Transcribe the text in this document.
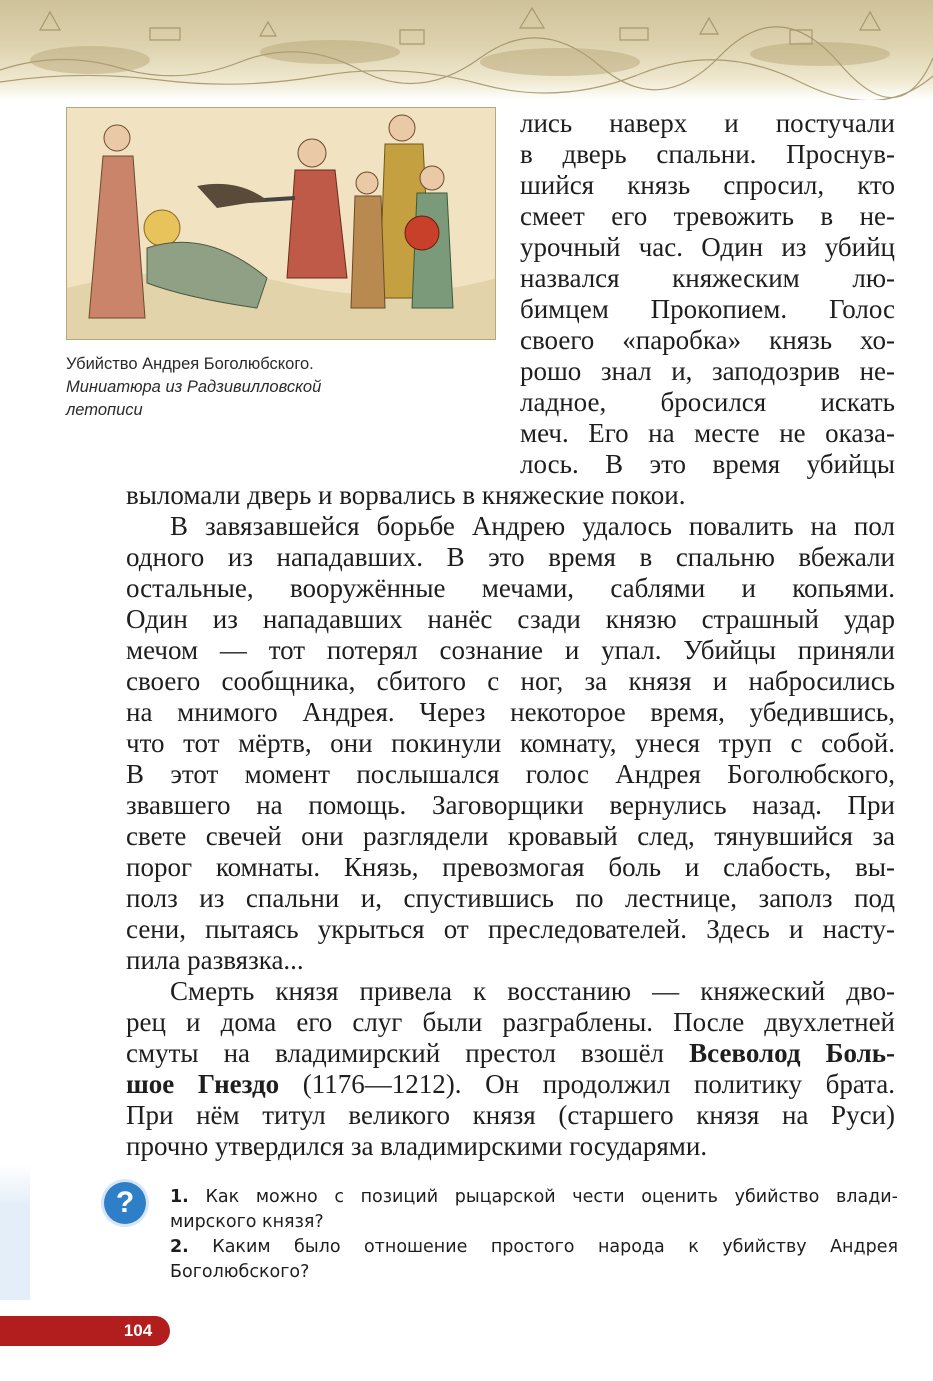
Убийство Андрея Боголюбского.
Миниатюра из Радзивилловской
летописи
лись наверх и постучали
в дверь спальни. Проснув-
шийся князь спросил, кто
смеет его тревожить в не-
урочный час. Один из убийц
назвался княжеским лю-
бимцем Прокопием. Голос
своего «паробка» князь хо-
рошо знал и, заподозрив не-
ладное, бросился искать
меч. Его на месте не оказа-
лось. В это время убийцы
выломали дверь и ворвались в княжеские покои.
В завязавшейся борьбе Андрею удалось повалить на пол
одного из нападавших. В это время в спальню вбежали
остальные, вооружённые мечами, саблями и копьями.
Один из нападавших нанёс сзади князю страшный удар
мечом — тот потерял сознание и упал. Убийцы приняли
своего сообщника, сбитого с ног, за князя и набросились
на мнимого Андрея. Через некоторое время, убедившись,
что тот мёртв, они покинули комнату, унеся труп с собой.
В этот момент послышался голос Андрея Боголюбского,
звавшего на помощь. Заговорщики вернулись назад. При
свете свечей они разглядели кровавый след, тянувшийся за
порог комнаты. Князь, превозмогая боль и слабость, вы-
полз из спальни и, спустившись по лестнице, заполз под
сени, пытаясь укрыться от преследователей. Здесь и насту-
пила развязка...
Смерть князя привела к восстанию — княжеский дво-
рец и дома его слуг были разграблены. После двухлетней
смуты на владимирский престол взошёл Всеволод Боль-
шое Гнездо (1176—1212). Он продолжил политику брата.
При нём титул великого князя (старшего князя на Руси)
прочно утвердился за владимирскими государями.
?	1. Как можно с позиций рыцарской чести оценить убийство влади-
мирского князя?
2. Каким было отношение простого народа к убийству Андрея
Боголюбского?
104
